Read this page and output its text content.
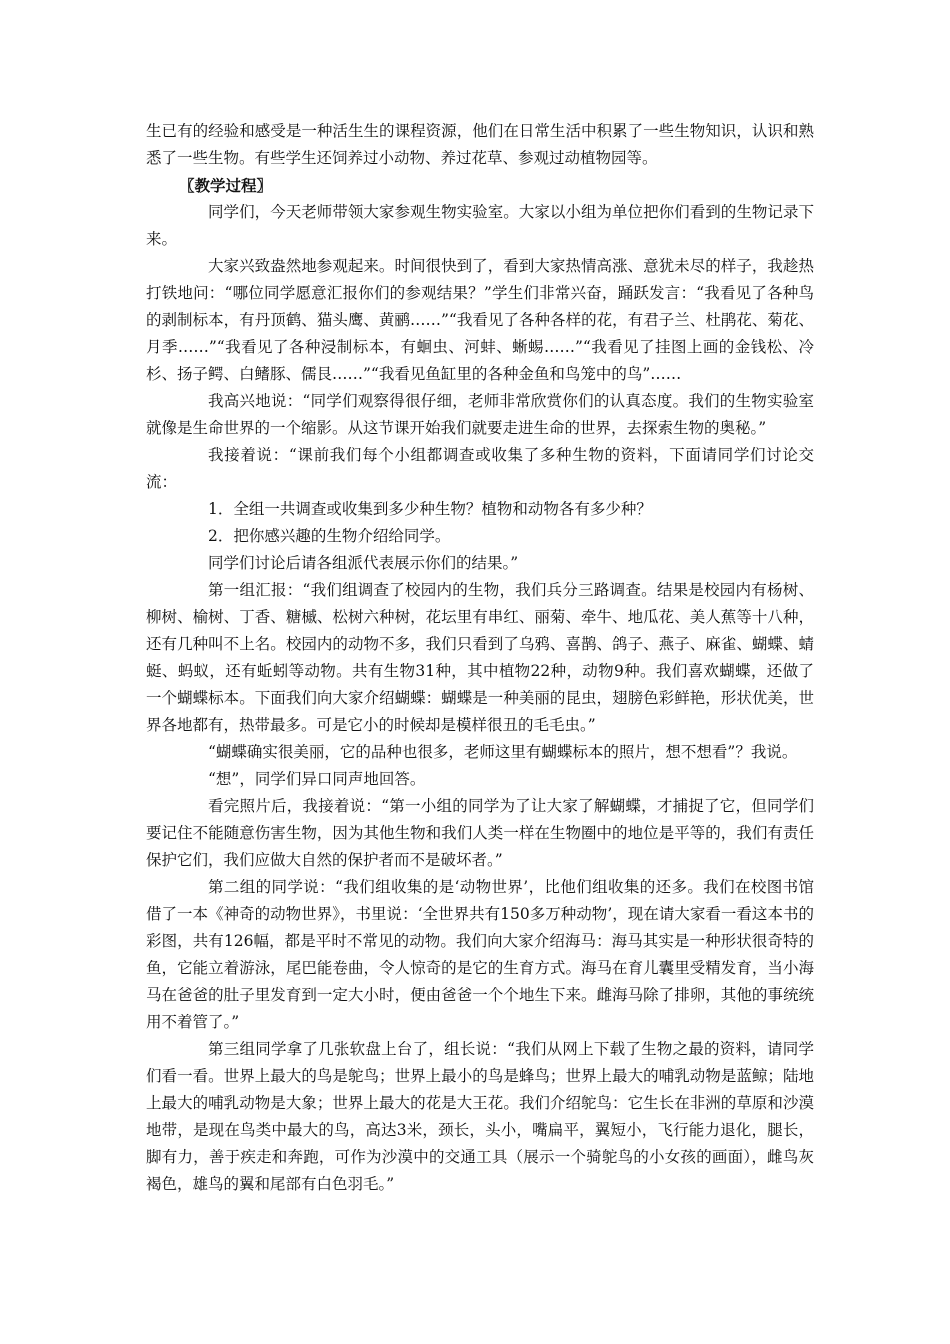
生已有的经验和感受是一种活生生的课程资源，他们在日常生活中积累了一些生物知识，认识和熟悉了一些生物。有些学生还饲养过小动物、养过花草、参观过动植物园等。

〖教学过程〗

同学们，今天老师带领大家参观生物实验室。大家以小组为单位把你们看到的生物记录下来。

大家兴致盎然地参观起来。时间很快到了，看到大家热情高涨、意犹未尽的样子，我趁热打铁地问：“哪位同学愿意汇报你们的参观结果？”学生们非常兴奋，踊跃发言：“我看见了各种鸟的剥制标本，有丹顶鹤、猫头鹰、黄鹂……”“我看见了各种各样的花，有君子兰、杜鹃花、菊花、月季……”“我看见了各种浸制标本，有蛔虫、河蚌、蜥蜴……”“我看见了挂图上画的金钱松、冷杉、扬子鳄、白鳍豚、儒艮……”“我看见鱼缸里的各种金鱼和鸟笼中的鸟”……

我高兴地说：“同学们观察得很仔细，老师非常欣赏你们的认真态度。我们的生物实验室就像是生命世界的一个缩影。从这节课开始我们就要走进生命的世界，去探索生物的奥秘。”

我接着说：“课前我们每个小组都调查或收集了多种生物的资料，下面请同学们讨论交流：

1．全组一共调查或收集到多少种生物？植物和动物各有多少种？

2．把你感兴趣的生物介绍给同学。

同学们讨论后请各组派代表展示你们的结果。”

第一组汇报：“我们组调查了校园内的生物，我们兵分三路调查。结果是校园内有杨树、柳树、榆树、丁香、糖槭、松树六种树，花坛里有串红、丽菊、牵牛、地瓜花、美人蕉等十八种，还有几种叫不上名。校园内的动物不多，我们只看到了乌鸦、喜鹊、鸽子、燕子、麻雀、蝴蝶、蜻蜓、蚂蚁，还有蚯蚓等动物。共有生物31种，其中植物22种，动物9种。我们喜欢蝴蝶，还做了一个蝴蝶标本。下面我们向大家介绍蝴蝶：蝴蝶是一种美丽的昆虫，翅膀色彩鲜艳，形状优美，世界各地都有，热带最多。可是它小的时候却是模样很丑的毛毛虫。”

“蝴蝶确实很美丽，它的品种也很多，老师这里有蝴蝶标本的照片，想不想看”？我说。

“想”，同学们异口同声地回答。

看完照片后，我接着说：“第一小组的同学为了让大家了解蝴蝶，才捕捉了它，但同学们要记住不能随意伤害生物，因为其他生物和我们人类一样在生物圈中的地位是平等的，我们有责任保护它们，我们应做大自然的保护者而不是破坏者。”

第二组的同学说：“我们组收集的是‘动物世界’，比他们组收集的还多。我们在校图书馆借了一本《神奇的动物世界》，书里说：‘全世界共有150多万种动物’，现在请大家看一看这本书的彩图，共有126幅，都是平时不常见的动物。我们向大家介绍海马：海马其实是一种形状很奇特的鱼，它能立着游泳，尾巴能卷曲，令人惊奇的是它的生育方式。海马在育儿囊里受精发育，当小海马在爸爸的肚子里发育到一定大小时，便由爸爸一个个地生下来。雌海马除了排卵，其他的事统统用不着管了。”

第三组同学拿了几张软盘上台了，组长说：“我们从网上下载了生物之最的资料，请同学们看一看。世界上最大的鸟是鸵鸟；世界上最小的鸟是蜂鸟；世界上最大的哺乳动物是蓝鲸；陆地上最大的哺乳动物是大象；世界上最大的花是大王花。我们介绍鸵鸟：它生长在非洲的草原和沙漠地带，是现在鸟类中最大的鸟，高达3米，颈长，头小，嘴扁平，翼短小，飞行能力退化，腿长，脚有力，善于疾走和奔跑，可作为沙漠中的交通工具（展示一个骑鸵鸟的小女孩的画面），雌鸟灰褐色，雄鸟的翼和尾部有白色羽毛。”
